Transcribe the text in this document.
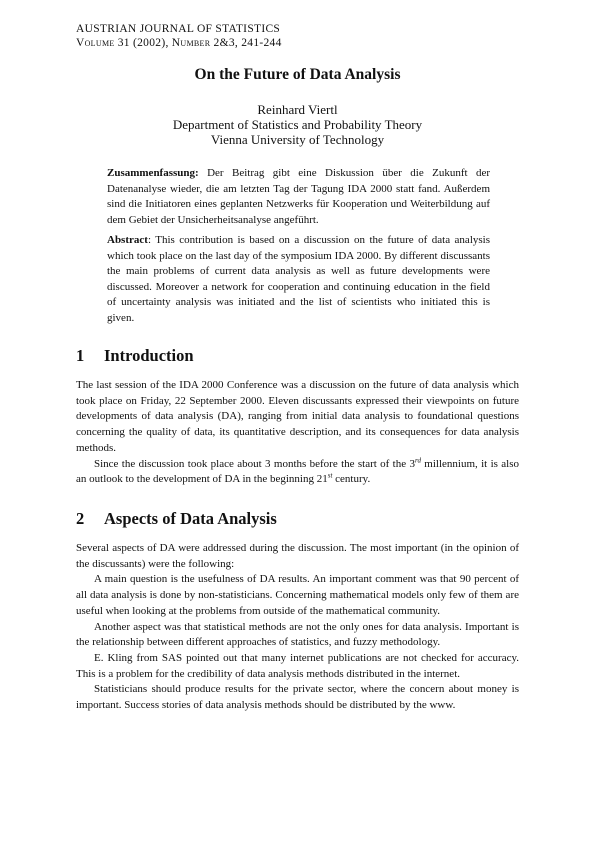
AUSTRIAN JOURNAL OF STATISTICS
Volume 31 (2002), Number 2&3, 241-244
On the Future of Data Analysis
Reinhard Viertl
Department of Statistics and Probability Theory
Vienna University of Technology
Zusammenfassung: Der Beitrag gibt eine Diskussion über die Zukunft der Datenanalyse wieder, die am letzten Tag der Tagung IDA 2000 statt fand. Außerdem sind die Initiatoren eines geplanten Netzwerks für Kooperation und Weiterbildung auf dem Gebiet der Unsicherheitsanalyse angeführt.
Abstract: This contribution is based on a discussion on the future of data analysis which took place on the last day of the symposium IDA 2000. By different discussants the main problems of current data analysis as well as future developments were discussed. Moreover a network for cooperation and continuing education in the field of uncertainty analysis was initiated and the list of scientists who initiated this is given.
1 Introduction

The last session of the IDA 2000 Conference was a discussion on the future of data analysis which took place on Friday, 22 September 2000. Eleven discussants expressed their viewpoints on future developments of data analysis (DA), ranging from initial data analysis to foundational questions concerning the quality of data, its quantitative description, and its consequences for data analysis methods.

Since the discussion took place about 3 months before the start of the 3rd millennium, it is also an outlook to the development of DA in the beginning 21st century.

2 Aspects of Data Analysis

Several aspects of DA were addressed during the discussion. The most important (in the opinion of the discussants) were the following:

A main question is the usefulness of DA results. An important comment was that 90 percent of all data analysis is done by non-statisticians. Concerning mathematical models only few of them are useful when looking at the problems from outside of the mathematical community.

Another aspect was that statistical methods are not the only ones for data analysis. Important is the relationship between different approaches of statistics, and fuzzy methodology.

E. Kling from SAS pointed out that many internet publications are not checked for accuracy. This is a problem for the credibility of data analysis methods distributed in the internet.

Statisticians should produce results for the private sector, where the concern about money is important. Success stories of data analysis methods should be distributed by the www.
